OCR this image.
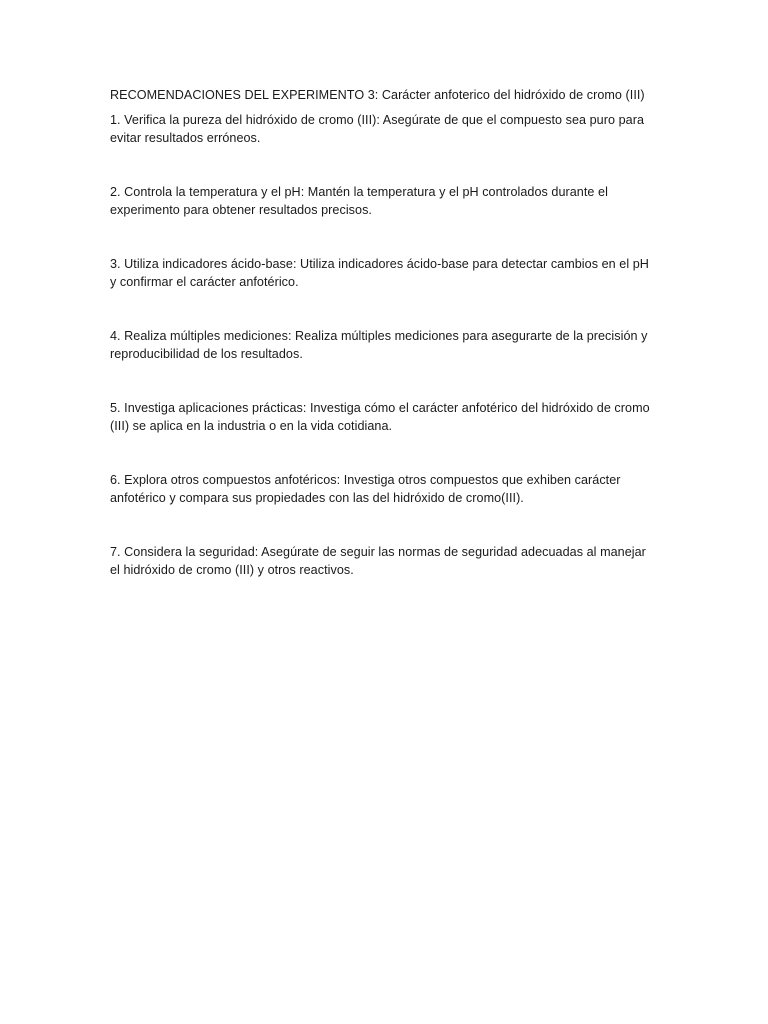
RECOMENDACIONES DEL EXPERIMENTO 3: Carácter anfoterico del hidróxido de cromo (III)

1. Verifica la pureza del hidróxido de cromo (III): Asegúrate de que el compuesto sea puro para evitar resultados erróneos.

2. Controla la temperatura y el pH: Mantén la temperatura y el pH controlados durante el experimento para obtener resultados precisos.

3. Utiliza indicadores ácido-base: Utiliza indicadores ácido-base para detectar cambios en el pH y confirmar el carácter anfotérico.

4. Realiza múltiples mediciones: Realiza múltiples mediciones para asegurarte de la precisión y reproducibilidad de los resultados.

5. Investiga aplicaciones prácticas: Investiga cómo el carácter anfotérico del hidróxido de cromo (III) se aplica en la industria o en la vida cotidiana.

6. Explora otros compuestos anfotéricos: Investiga otros compuestos que exhiben carácter anfotérico y compara sus propiedades con las del hidróxido de cromo(III).

7. Considera la seguridad: Asegúrate de seguir las normas de seguridad adecuadas al manejar el hidróxido de cromo (III) y otros reactivos.
